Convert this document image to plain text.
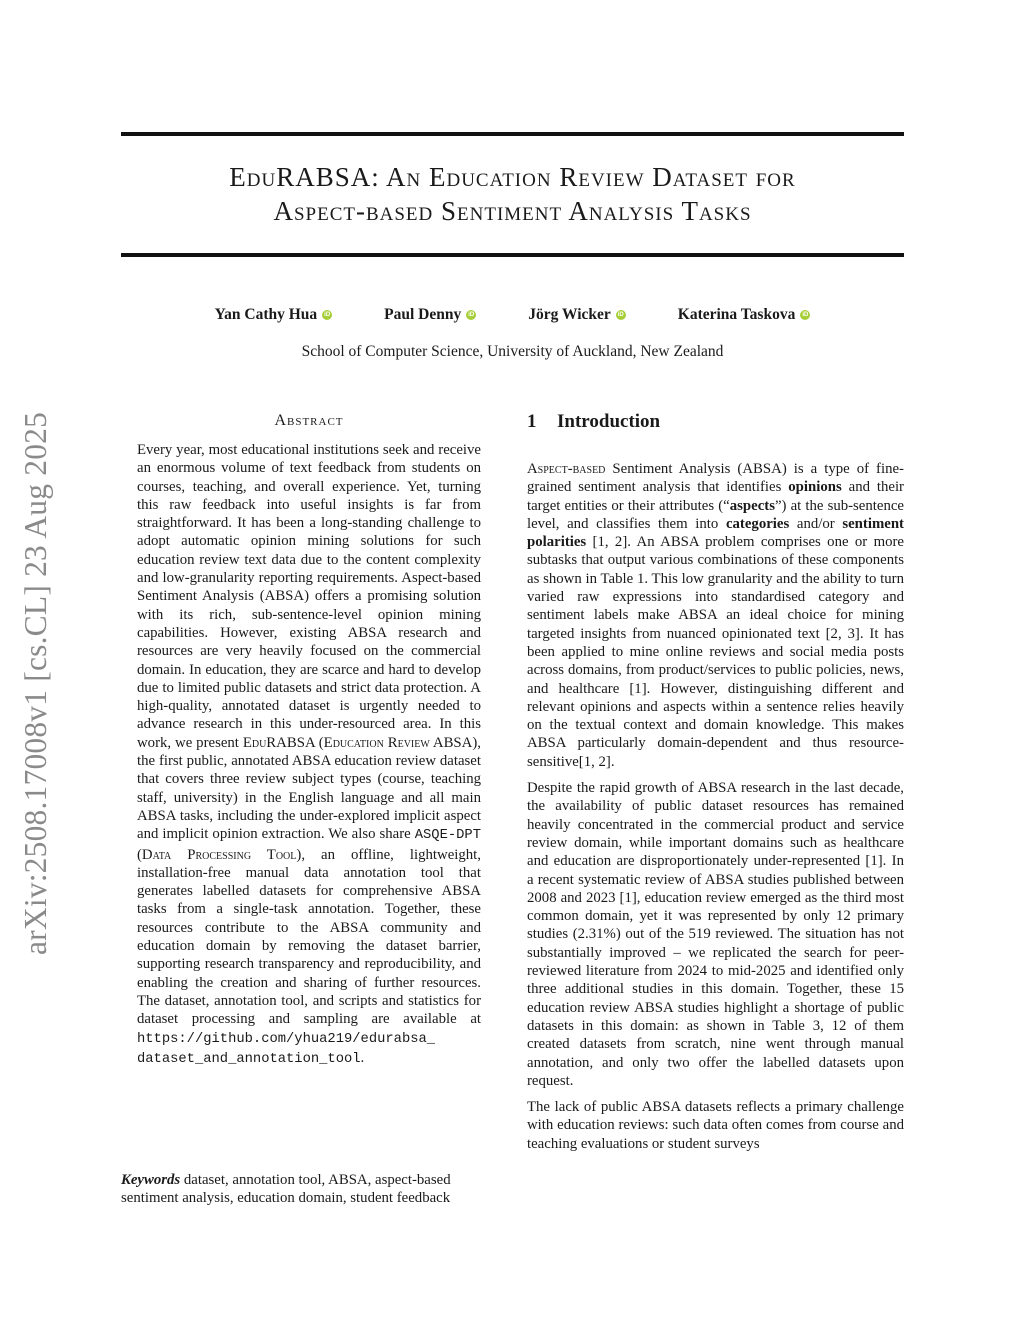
EduRABSA: An Education Review Dataset for
Aspect-based Sentiment Analysis Tasks
Yan Cathy Hua	iD	Paul Denny	iD	Jörg Wicker	iD	Katerina Taskova	iD
School of Computer Science, University of Auckland, New Zealand
arXiv:2508.17008v1 [cs.CL] 23 Aug 2025	Abstract
Every year, most educational institutions seek and receive an enormous volume of text feedback from students on courses, teaching, and overall experience. Yet, turning this raw feedback into useful insights is far from straightforward. It has been a long-standing challenge to adopt automatic opinion mining solutions for such education review text data due to the content complexity and low-granularity reporting requirements. Aspect-based Sentiment Analysis (ABSA) offers a promising solution with its rich, sub-sentence-level opinion mining capabilities. However, existing ABSA research and resources are very heavily focused on the commercial domain. In education, they are scarce and hard to develop due to limited public datasets and strict data protection. A high-quality, annotated dataset is urgently needed to advance research in this under-resourced area. In this work, we present EduRABSA (Education Review ABSA), the first public, annotated ABSA education review dataset that covers three review subject types (course, teaching staff, university) in the English language and all main ABSA tasks, including the under-explored implicit aspect and implicit opinion extraction. We also share ASQE-DPT (Data Processing Tool), an offline, lightweight, installation-free manual data annotation tool that generates labelled datasets for comprehensive ABSA tasks from a single-task annotation. Together, these resources contribute to the ABSA community and education domain by removing the dataset barrier, supporting research transparency and reproducibility, and enabling the creation and sharing of further resources. The dataset, annotation tool, and scripts and statistics for dataset processing and sampling are available at https://github.com/yhua219/edurabsa_ dataset_and_annotation_tool.
Keywords dataset, annotation tool, ABSA, aspect-based sentiment analysis, education domain, student feedback
1 Introduction

Aspect-based Sentiment Analysis (ABSA) is a type of fine-grained sentiment analysis that identifies opinions and their target entities or their attributes (“aspects”) at the sub-sentence level, and classifies them into categories and/or sentiment polarities [1, 2]. An ABSA problem comprises one or more subtasks that output various combinations of these components as shown in Table 1. This low granularity and the ability to turn varied raw expressions into standardised category and sentiment labels make ABSA an ideal choice for mining targeted insights from nuanced opinionated text [2, 3]. It has been applied to mine online reviews and social media posts across domains, from product/services to public policies, news, and healthcare [1]. However, distinguishing different and relevant opinions and aspects within a sentence relies heavily on the textual context and domain knowledge. This makes ABSA particularly domain-dependent and thus resource-sensitive[1, 2].

Despite the rapid growth of ABSA research in the last decade, the availability of public dataset resources has remained heavily concentrated in the commercial product and service review domain, while important domains such as healthcare and education are disproportionately under-represented [1]. In a recent systematic review of ABSA studies published between 2008 and 2023 [1], education review emerged as the third most common domain, yet it was represented by only 12 primary studies (2.31%) out of the 519 reviewed. The situation has not substantially improved – we replicated the search for peer-reviewed literature from 2024 to mid-2025 and identified only three additional studies in this domain. Together, these 15 education review ABSA studies highlight a shortage of public datasets in this domain: as shown in Table 3, 12 of them created datasets from scratch, nine went through manual annotation, and only two offer the labelled datasets upon request.

The lack of public ABSA datasets reflects a primary challenge with education reviews: such data often comes from course and teaching evaluations or student surveys
